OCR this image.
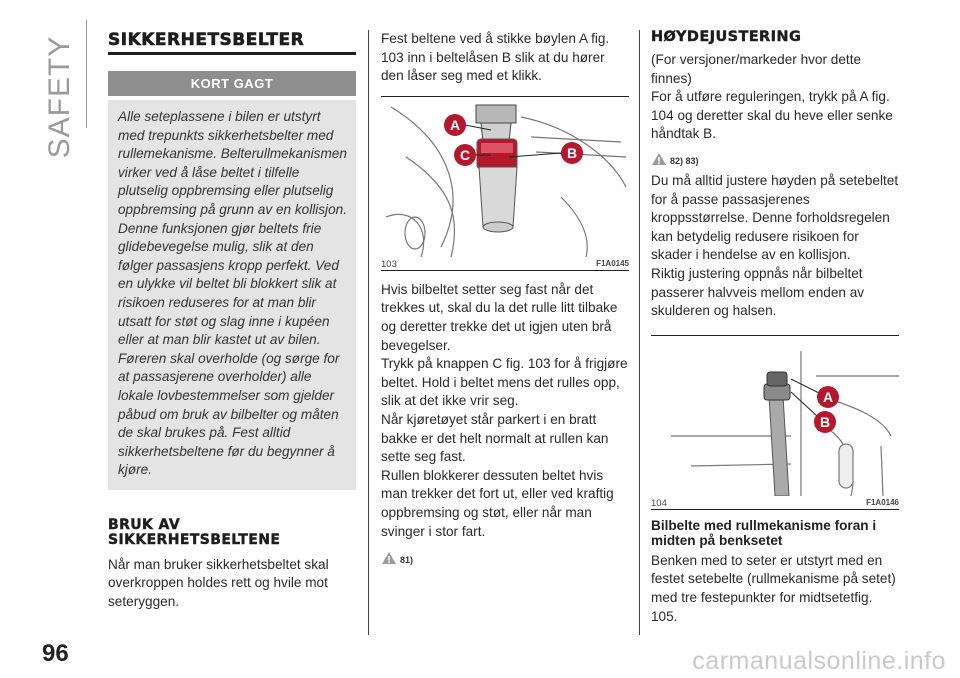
SAFETY
96	carmanualsonline.info
SIKKERHETSBELTER
KORT GAGT
Alle seteplassene i bilen er utstyrt med trepunkts sikkerhetsbelter med rullemekanisme. Belterullmekanismen virker ved å låse beltet i tilfelle plutselig oppbremsing eller plutselig oppbremsing på grunn av en kollisjon. Denne funksjonen gjør beltets frie glidebevegelse mulig, slik at den følger passasjens kropp perfekt. Ved en ulykke vil beltet bli blokkert slik at risikoen reduseres for at man blir utsatt for støt og slag inne i kupéen eller at man blir kastet ut av bilen. Føreren skal overholde (og sørge for at passasjerene overholder) alle lokale lovbestemmelser som gjelder påbud om bruk av bilbelter og måten de skal brukes på. Fest alltid sikkerhetsbeltene før du begynner å kjøre.
BRUK AV
SIKKERHETSBELTENE

Når man bruker sikkerhetsbeltet skal overkroppen holdes rett og hvile mot seteryggen.

Fest beltene ved å stikke bøylen A fig. 103 inn i beltelåsen B slik at du hører den låser seg med et klikk.

A
C	B
103	F1A0145

Hvis bilbeltet setter seg fast når det trekkes ut, skal du la det rulle litt tilbake og deretter trekke det ut igjen uten brå bevegelser.
Trykk på knappen C fig. 103 for å frigjøre beltet. Hold i beltet mens det rulles opp, slik at det ikke vrir seg.
Når kjøretøyet står parkert i en bratt bakke er det helt normalt at rullen kan sette seg fast.
Rullen blokkerer dessuten beltet hvis man trekker det fort ut, eller ved kraftig oppbremsing og støt, eller når man svinger i stor fart.

81)
HØYDEJUSTERING

(For versjoner/markeder hvor dette finnes)
For å utføre reguleringen, trykk på A fig. 104 og deretter skal du heve eller senke håndtak B.

82) 83)

Du må alltid justere høyden på setebeltet for å passe passasjerenes kroppsstørrelse. Denne forholdsregelen kan betydelig redusere risikoen for skader i hendelse av en kollisjon.
Riktig justering oppnås når bilbeltet passerer halvveis mellom enden av skulderen og halsen.

A
B
104	F1A0146
Bilbelte med rullmekanisme foran i midten på benksetet

Benken med to seter er utstyrt med en festet setebelte (rullmekanisme på setet) med tre festepunkter for midtsetetfig. 105.
